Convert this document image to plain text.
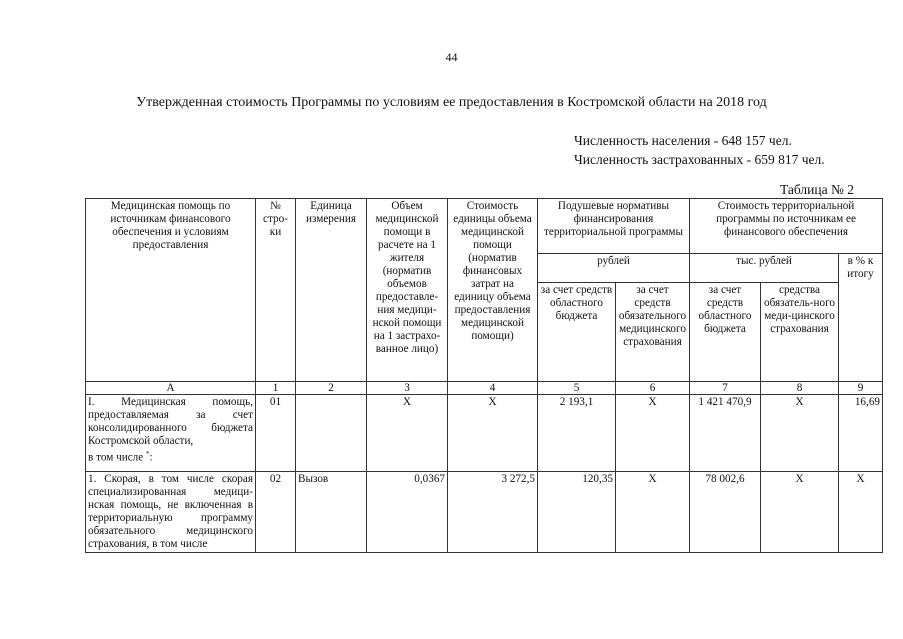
44
Утвержденная стоимость Программы по условиям ее предоставления в Костромской области на 2018 год
Численность населения - 648 157 чел.
Численность застрахованных - 659 817 чел.
Таблица № 2
Медицинская помощь по источникам финансового обеспечения и условиям предоставления	№ стро-ки	Единица измерения	Объем медицинской помощи в расчете на 1 жителя (норматив объемов предоставле-ния медици-нской помощи на 1 застрахо-ванное лицо)	Стоимость единицы объема медицинской помощи (норматив финансовых затрат на единицу объема предоставления медицинской помощи)	Подушевые нормативы финансирования территориальной программы		Стоимость территориальной программы по источникам ее финансового обеспечения		
					рублей		тыс. рублей		в % к итогу
					за счет средств областного бюджета	за счет средств обязательного медицинского страхования	за счет средств областного бюджета	средства обязатель-ного меди-цинского страхования	
А	1	2	3	4	5	6	7	8	9
I. Медицинская помощь, предоставляемая за счет консолидированного бюджета Костромской области,
в том числе *:	01		X	X	2 193,1	X	1 421 470,9	X	16,69
1. Скорая, в том числе скорая специализированная медици-нская помощь, не включенная в территориальную программу обязательного медицинского страхования, в том числе	02	Вызов	0,0367	3 272,5	120,35	X	78 002,6	X	X
